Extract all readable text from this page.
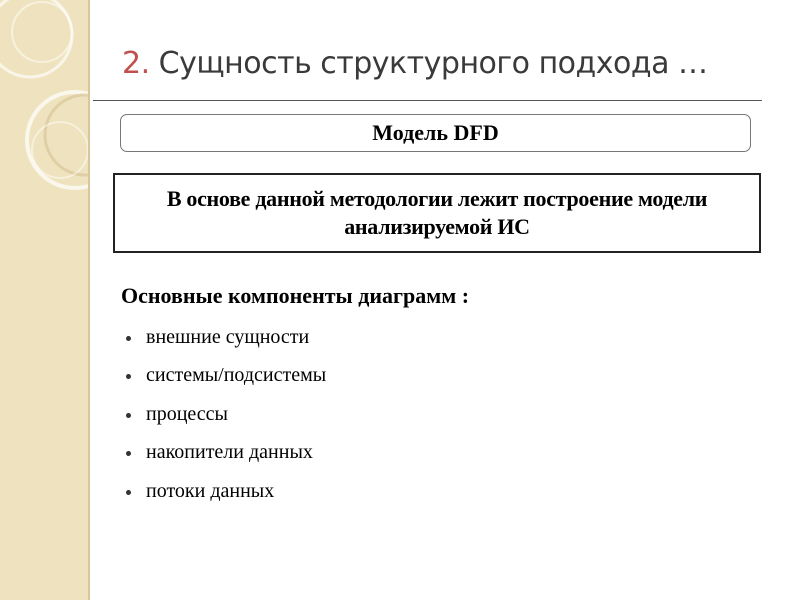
2. Сущность структурного подхода …
Модель DFD
В основе данной методологии лежит построение модели анализируемой ИС
Основные компоненты диаграмм :
внешние сущности
системы/подсистемы
процессы
накопители данных
потоки данных
